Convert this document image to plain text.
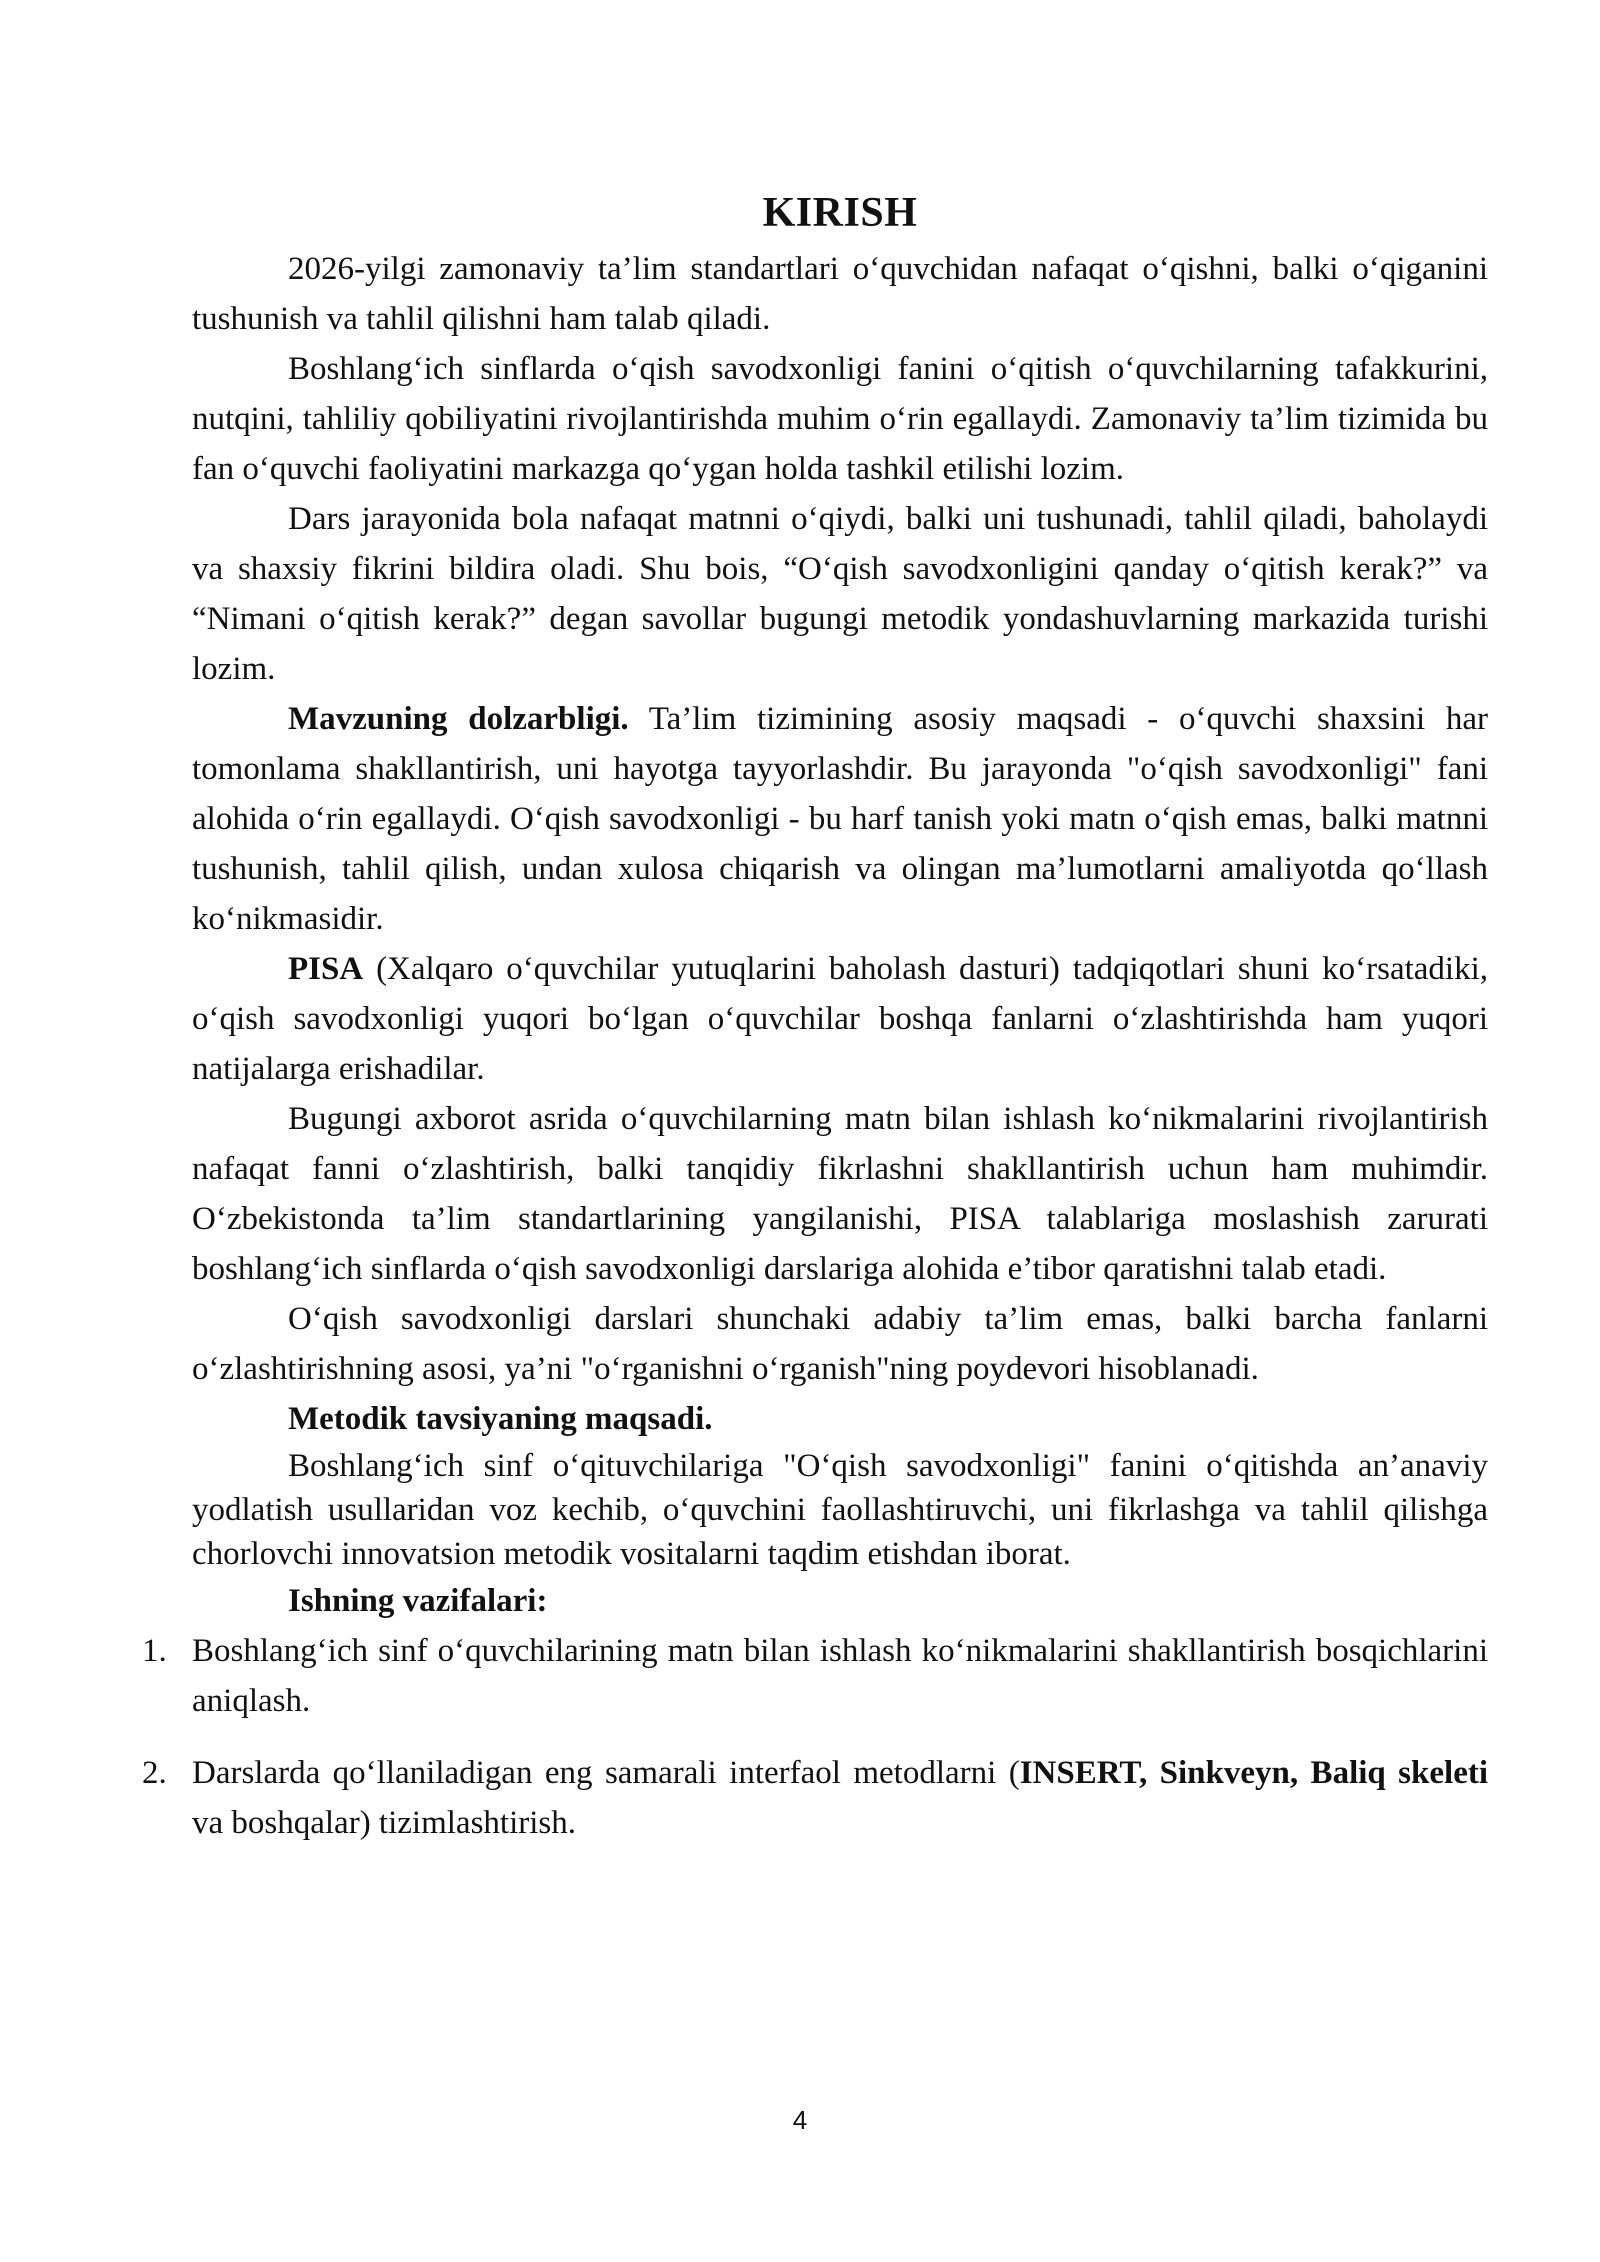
KIRISH

2026-yilgi zamonaviy ta’lim standartlari o‘quvchidan nafaqat o‘qishni, balki o‘qiganini tushunish va tahlil qilishni ham talab qiladi.

Boshlang‘ich sinflarda o‘qish savodxonligi fanini o‘qitish o‘quvchilarning tafakkurini, nutqini, tahliliy qobiliyatini rivojlantirishda muhim o‘rin egallaydi. Zamonaviy ta’lim tizimida bu fan o‘quvchi faoliyatini markazga qo‘ygan holda tashkil etilishi lozim.

Dars jarayonida bola nafaqat matnni o‘qiydi, balki uni tushunadi, tahlil qiladi, baholaydi va shaxsiy fikrini bildira oladi. Shu bois, “O‘qish savodxonligini qanday o‘qitish kerak?” va “Nimani o‘qitish kerak?” degan savollar bugungi metodik yondashuvlarning markazida turishi lozim.

Mavzuning dolzarbligi. Ta’lim tizimining asosiy maqsadi - o‘quvchi shaxsini har tomonlama shakllantirish, uni hayotga tayyorlashdir. Bu jarayonda "o‘qish savodxonligi" fani alohida o‘rin egallaydi. O‘qish savodxonligi - bu harf tanish yoki matn o‘qish emas, balki matnni tushunish, tahlil qilish, undan xulosa chiqarish va olingan ma’lumotlarni amaliyotda qo‘llash ko‘nikmasidir.

PISA (Xalqaro o‘quvchilar yutuqlarini baholash dasturi) tadqiqotlari shuni ko‘rsatadiki, o‘qish savodxonligi yuqori bo‘lgan o‘quvchilar boshqa fanlarni o‘zlashtirishda ham yuqori natijalarga erishadilar.

Bugungi axborot asrida o‘quvchilarning matn bilan ishlash ko‘nikmalarini rivojlantirish nafaqat fanni o‘zlashtirish, balki tanqidiy fikrlashni shakllantirish uchun ham muhimdir. O‘zbekistonda ta’lim standartlarining yangilanishi, PISA talablariga moslashish zarurati boshlang‘ich sinflarda o‘qish savodxonligi darslariga alohida e’tibor qaratishni talab etadi.

O‘qish savodxonligi darslari shunchaki adabiy ta’lim emas, balki barcha fanlarni o‘zlashtirishning asosi, ya’ni "o‘rganishni o‘rganish"ning poydevori hisoblanadi.

Metodik tavsiyaning maqsadi.

Boshlang‘ich sinf o‘qituvchilariga "O‘qish savodxonligi" fanini o‘qitishda an’anaviy yodlatish usullaridan voz kechib, o‘quvchini faollashtiruvchi, uni fikrlashga va tahlil qilishga chorlovchi innovatsion metodik vositalarni taqdim etishdan iborat.

Ishning vazifalari:

1. Boshlang‘ich sinf o‘quvchilarining matn bilan ishlash ko‘nikmalarini shakllantirish bosqichlarini aniqlash.
2. Darslarda qo‘llaniladigan eng samarali interfaol metodlarni (INSERT, Sinkveyn, Baliq skeleti va boshqalar) tizimlashtirish.
4
